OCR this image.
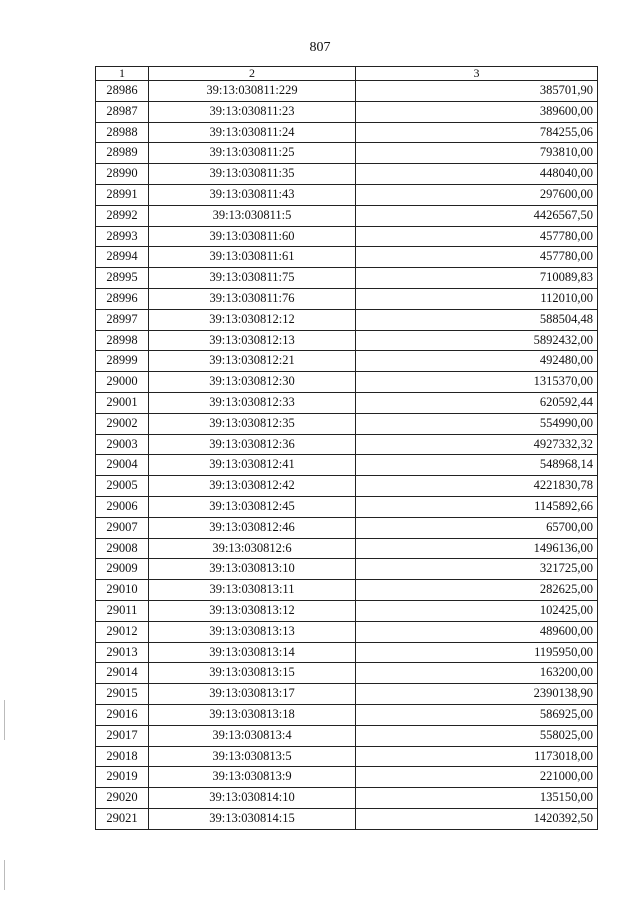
807
1	2	3
28986	39:13:030811:229	385701,90
28987	39:13:030811:23	389600,00
28988	39:13:030811:24	784255,06
28989	39:13:030811:25	793810,00
28990	39:13:030811:35	448040,00
28991	39:13:030811:43	297600,00
28992	39:13:030811:5	4426567,50
28993	39:13:030811:60	457780,00
28994	39:13:030811:61	457780,00
28995	39:13:030811:75	710089,83
28996	39:13:030811:76	112010,00
28997	39:13:030812:12	588504,48
28998	39:13:030812:13	5892432,00
28999	39:13:030812:21	492480,00
29000	39:13:030812:30	1315370,00
29001	39:13:030812:33	620592,44
29002	39:13:030812:35	554990,00
29003	39:13:030812:36	4927332,32
29004	39:13:030812:41	548968,14
29005	39:13:030812:42	4221830,78
29006	39:13:030812:45	1145892,66
29007	39:13:030812:46	65700,00
29008	39:13:030812:6	1496136,00
29009	39:13:030813:10	321725,00
29010	39:13:030813:11	282625,00
29011	39:13:030813:12	102425,00
29012	39:13:030813:13	489600,00
29013	39:13:030813:14	1195950,00
29014	39:13:030813:15	163200,00
29015	39:13:030813:17	2390138,90
29016	39:13:030813:18	586925,00
29017	39:13:030813:4	558025,00
29018	39:13:030813:5	1173018,00
29019	39:13:030813:9	221000,00
29020	39:13:030814:10	135150,00
29021	39:13:030814:15	1420392,50
